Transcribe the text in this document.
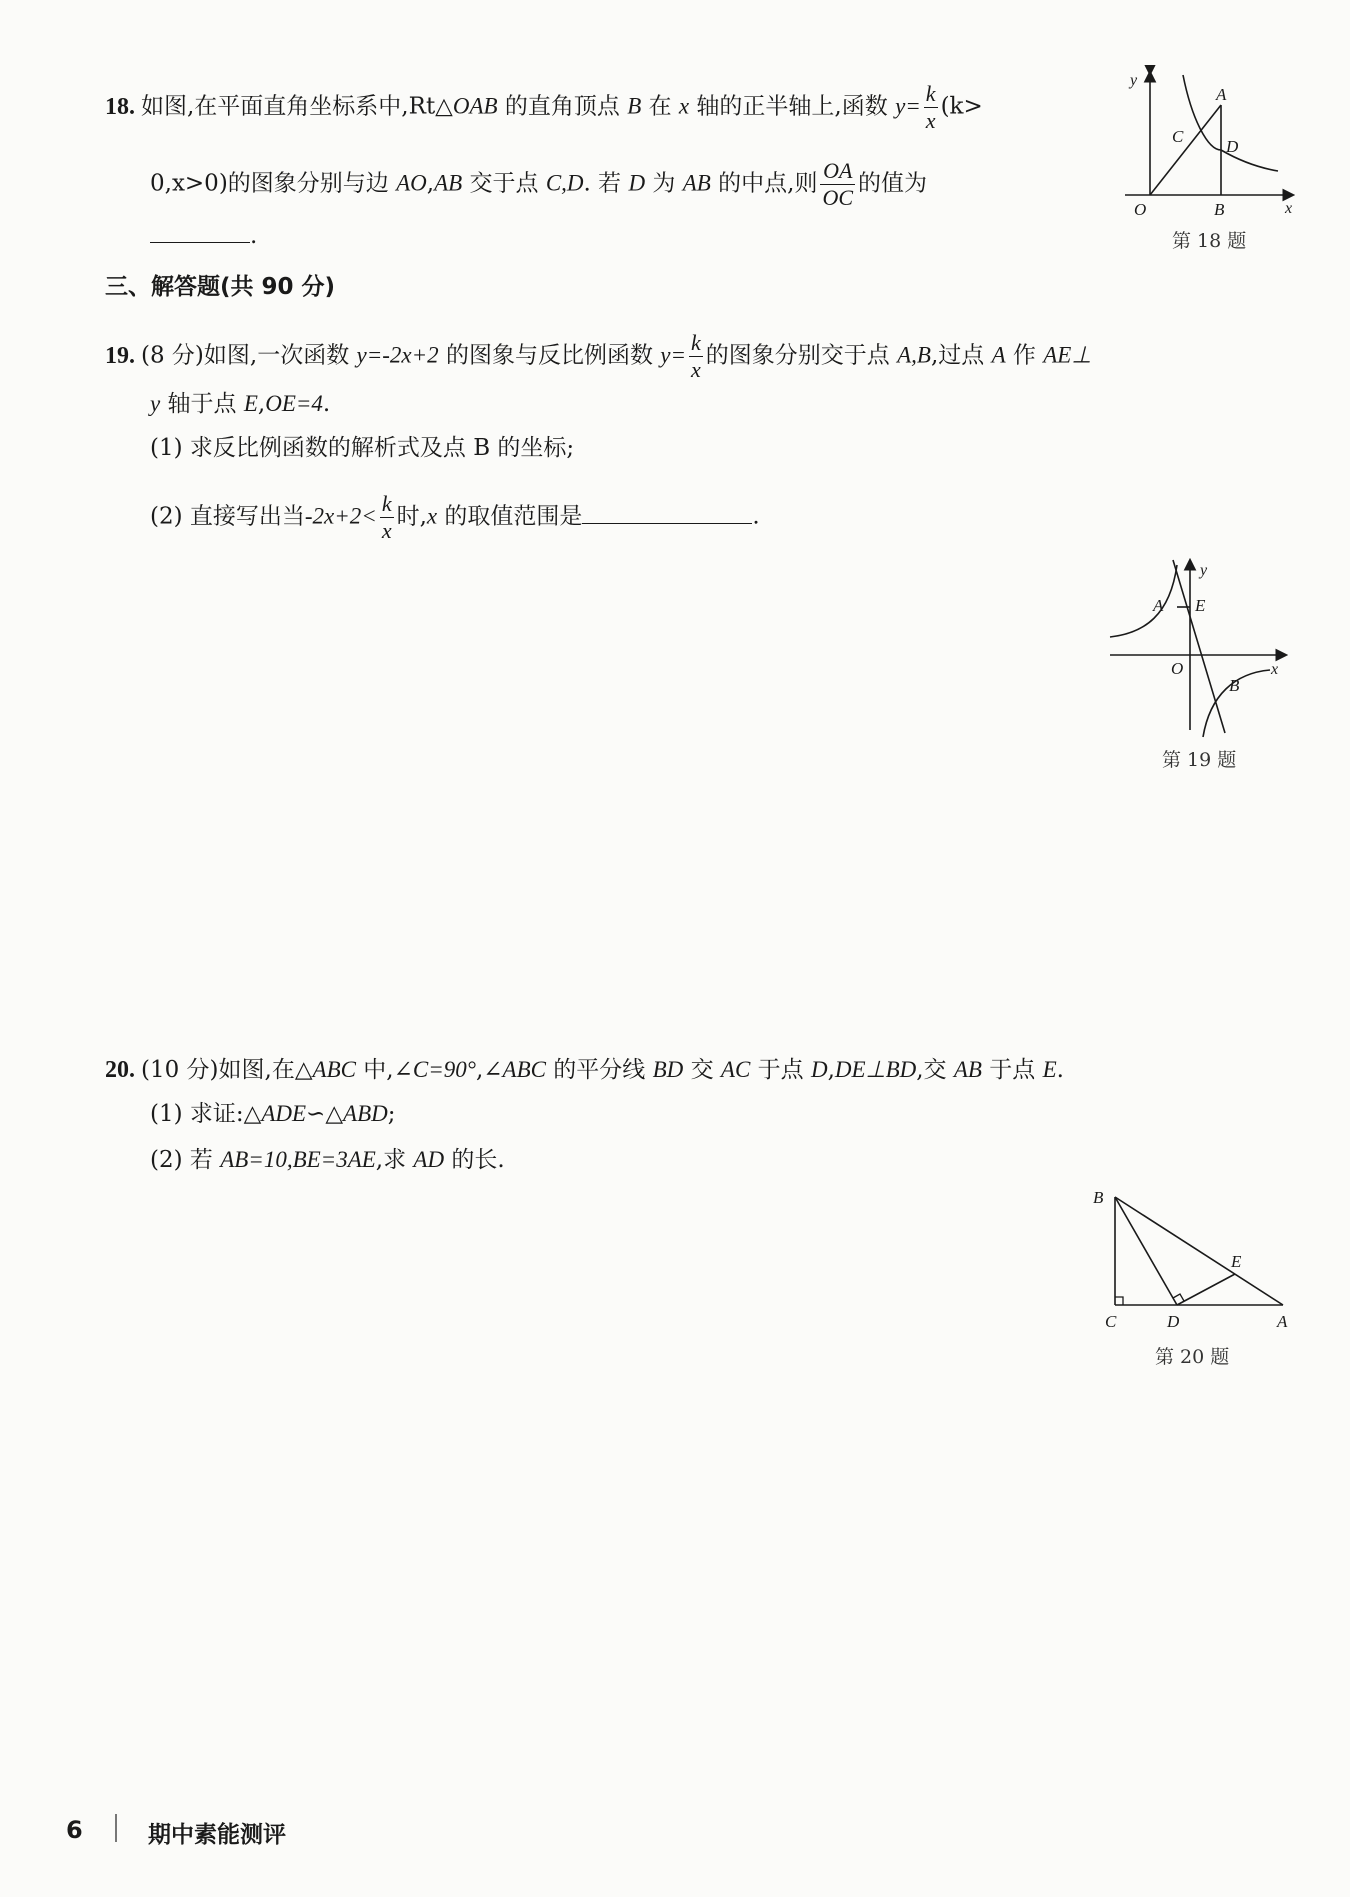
18. 如图,在平面直角坐标系中,Rt△OAB 的直角顶点 B 在 x 轴的正半轴上,函数 $y= \frac{k}{x} (k>$
0,x>0)的图象分别与边 AO,AB 交于点 C,D. 若 D 为 AB 的中点,则 $\frac{OA}{OC}$ 的值为
.
y
x
O
A
B
C
D
第 18 题
三、解答题(共 90 分)
19. (8 分)如图,一次函数 y=-2x+2 的图象与反比例函数 $y= \frac{k}{x}$ 的图象分别交于点 A,B,过点 A 作 AE⊥
y 轴于点 E,OE=4.
(1) 求反比例函数的解析式及点 B 的坐标;
(2) 直接写出当$-2x+2< \frac{k}{x}$ 时,x 的取值范围是	.
y
x
O
A E
B
第 19 题
20. (10 分)如图,在△ABC 中,∠C=90°,∠ABC 的平分线 BD 交 AC 于点 D,DE⊥BD,交 AB 于点 E.
(1) 求证:△ADE∽△ABD;
(2) 若 AB=10,BE=3AE,求 AD 的长.
B
C	D
E
A
第 20 题
6	期中素能测评
